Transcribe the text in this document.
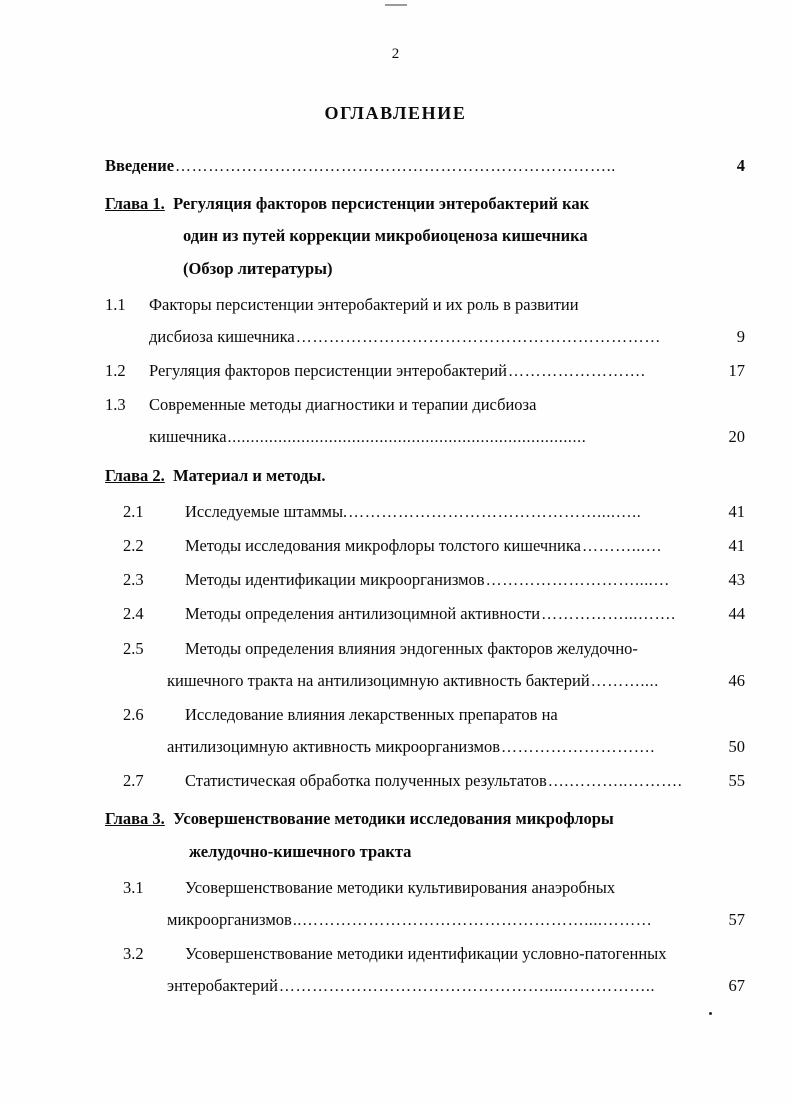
2
ОГЛАВЛЕНИЕ
Введение ……………………………………………………………………..	4
Глава 1.
Регуляция факторов персистенции энтеробактерий как
один из путей коррекции микробиоценоза кишечника
(Обзор литературы)
1.1	Факторы персистенции энтеробактерий и их роль в развитии
дисбиоза кишечника …………………………………………………………	9
1.2	Регуляция факторов персистенции энтеробактерий …………………….	17
1.3	Современные методы диагностики и терапии дисбиоза
кишечника ..............................................................................	20
Глава 2.
Материал и методы.
2.1	Исследуемые штаммы. ………………………………………....…..	41
2.2	Методы исследования микрофлоры толстого кишечника ………...…	41
2.3	Методы идентификации микроорганизмов ………………………....…	43
2.4	Методы определения антилизоцимной активности ……………...…….	44
2.5	Методы определения влияния эндогенных факторов желудочно-
кишечного тракта на антилизоцимную активность бактерий ………....	46
2.6	Исследование влияния лекарственных препаратов на
антилизоцимную активность микроорганизмов ……………………….	50
2.7	Статистическая обработка полученных результатов ….………..……….	55
Глава 3.
Усовершенствование методики исследования микрофлоры
желудочно-кишечного тракта
3.1	Усовершенствование методики культивирования анаэробных
микроорганизмов ..……………………………………………....………	57
3.2	Усовершенствование методики идентификации условно-патогенных
энтеробактерий …………………………………………....……………..	67
